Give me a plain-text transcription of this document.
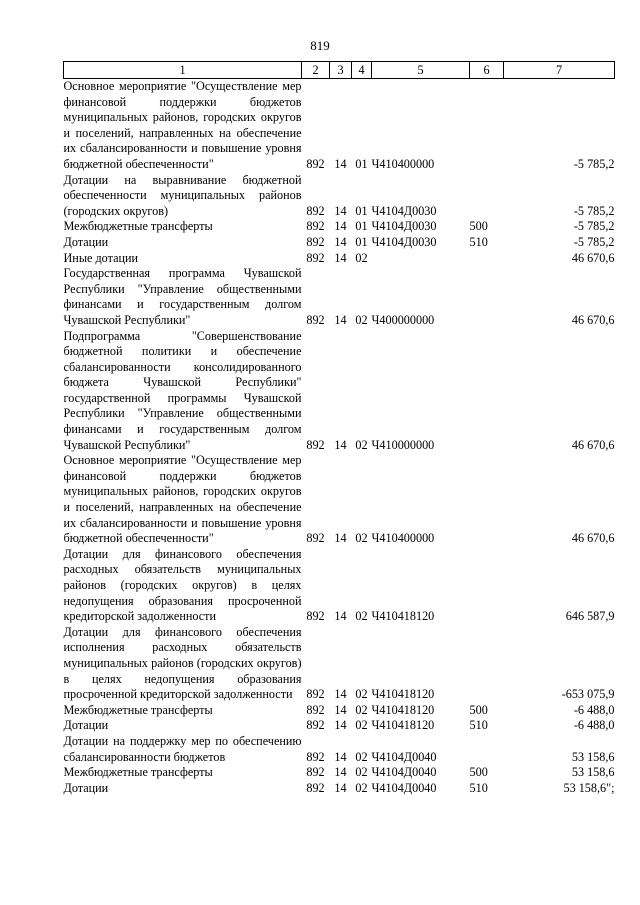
819
1	2	3	4	5	6	7
Основное мероприятие "Осуществление мер финансовой поддержки бюджетов муниципальных районов, городских округов и поселений, направленных на обеспечение их сбалансированности и повышение уровня бюджетной обеспеченности"	892	14	01	Ч410400000		-5 785,2
Дотации на выравнивание бюджетной обеспеченности муниципальных районов (городских округов)	892	14	01	Ч4104Д0030		-5 785,2
Межбюджетные трансферты	892	14	01	Ч4104Д0030	500	-5 785,2
Дотации	892	14	01	Ч4104Д0030	510	-5 785,2
Иные дотации	892	14	02			46 670,6
Государственная программа Чувашской Республики "Управление общественными финансами и государственным долгом Чувашской Республики"	892	14	02	Ч400000000		46 670,6
Подпрограмма "Совершенствование бюджетной политики и обеспечение сбалансированности консолидированного бюджета Чувашской Республики" государственной программы Чувашской Республики "Управление общественными финансами и государственным долгом Чувашской Республики"	892	14	02	Ч410000000		46 670,6
Основное мероприятие "Осуществление мер финансовой поддержки бюджетов муниципальных районов, городских округов и поселений, направленных на обеспечение их сбалансированности и повышение уровня бюджетной обеспеченности"	892	14	02	Ч410400000		46 670,6
Дотации для финансового обеспечения расходных обязательств муниципальных районов (городских округов) в целях недопущения образования просроченной кредиторской задолженности	892	14	02	Ч410418120		646 587,9
Дотации для финансового обеспечения исполнения расходных обязательств муниципальных районов (городских округов) в целях недопущения образования просроченной кредиторской задолженности	892	14	02	Ч410418120		-653 075,9
Межбюджетные трансферты	892	14	02	Ч410418120	500	-6 488,0
Дотации	892	14	02	Ч410418120	510	-6 488,0
Дотации на поддержку мер по обеспечению сбалансированности бюджетов	892	14	02	Ч4104Д0040		53 158,6
Межбюджетные трансферты	892	14	02	Ч4104Д0040	500	53 158,6
Дотации	892	14	02	Ч4104Д0040	510	53 158,6";
